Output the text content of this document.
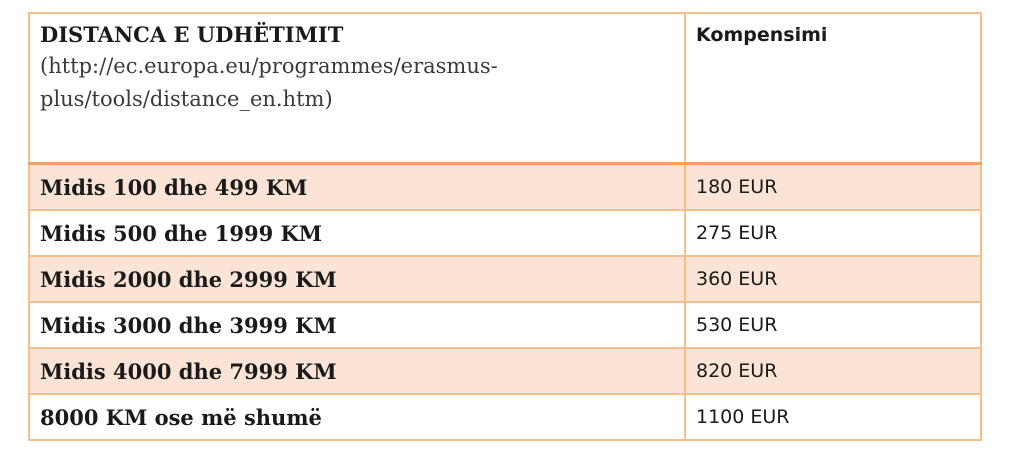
DISTANCA E UDHËTIMIT
(http://ec.europa.eu/programmes/erasmus-plus/tools/distance_en.htm)	Kompensimi
Midis 100 dhe 499 KM	180 EUR
Midis 500 dhe 1999 KM	275 EUR
Midis 2000 dhe 2999 KM	360 EUR
Midis 3000 dhe 3999 KM	530 EUR
Midis 4000 dhe 7999 KM	820 EUR
8000 KM ose më shumë	1100 EUR
